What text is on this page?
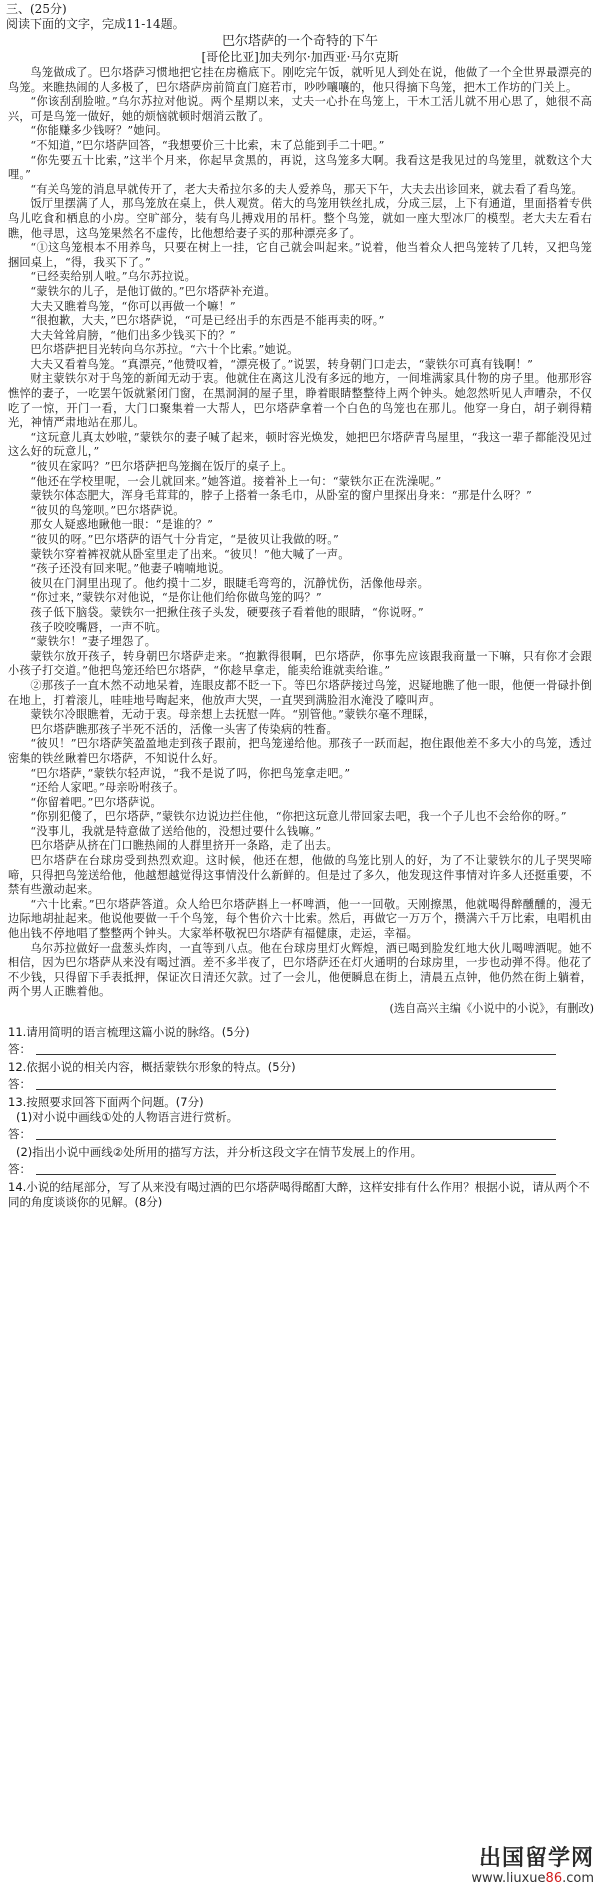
三、(25分)
阅读下面的文字，完成11-14题。
巴尔塔萨的一个奇特的下午
[哥伦比亚]加夫列尔·加西亚·马尔克斯

鸟笼做成了。巴尔塔萨习惯地把它挂在房檐底下。刚吃完午饭，就听见人到处在说，他做了一个全世界最漂亮的鸟笼。来瞧热闹的人多极了，巴尔塔萨房前简直门庭若市，吵吵嚷嚷的，他只得摘下鸟笼，把木工作坊的门关上。

“你该刮刮脸啦。”乌尔苏拉对他说。两个星期以来，丈夫一心扑在鸟笼上，干木工活儿就不用心思了，她很不高兴，可是鸟笼一做好，她的烦恼就顿时烟消云散了。

“你能赚多少钱呀？”她问。

“不知道，”巴尔塔萨回答，“我想要价三十比索，末了总能到手二十吧。”

“你先要五十比索，”这半个月来，你起早贪黑的，再说，这鸟笼多大啊。我看这是我见过的鸟笼里，就数这个大哩。”

“有关鸟笼的消息早就传开了，老大夫希拉尔多的夫人爱养鸟，那天下午，大夫去出诊回来，就去看了看鸟笼。

饭厅里摆满了人，那鸟笼放在桌上，供人观赏。偌大的鸟笼用铁丝扎成，分成三层，上下有通道，里面搭着专供鸟儿吃食和栖息的小房。空旷部分，装有鸟儿搏戏用的吊杆。整个鸟笼，就如一座大型冰厂的模型。老大夫左看右瞧，他寻思，这鸟笼果然名不虚传，比他想给妻子买的那种漂亮多了。

“①这鸟笼根本不用养鸟，只要在树上一挂，它自己就会叫起来。”说着，他当着众人把鸟笼转了几转，又把鸟笼捆回桌上，“得，我买下了。”

“已经卖给别人啦。”乌尔苏拉说。

“蒙铁尔的儿子，是他订做的。”巴尔塔萨补充道。

大夫又瞧着鸟笼，“你可以再做一个嘛！”

“很抱歉，大夫，”巴尔塔萨说，“可是已经出手的东西是不能再卖的呀。”

大夫耸耸肩膀，“他们出多少钱买下的？”

巴尔塔萨把目光转向乌尔苏拉。“六十个比索。”她说。

大夫又看着鸟笼。“真漂亮，”他赞叹着，“漂亮极了。”说罢，转身朝门口走去，“蒙铁尔可真有钱啊！”

财主蒙铁尔对于鸟笼的新闻无动于衷。他就住在离这儿没有多远的地方，一间堆满家具什物的房子里。他那形容憔悴的妻子，一吃罢午饭就紧闭门窗，在黑洞洞的屋子里，睁着眼睛整整待上两个钟头。她忽然听见人声嘈杂，不仅吃了一惊，开门一看，大门口聚集着一大帮人，巴尔塔萨拿着一个白色的鸟笼也在那儿。他穿一身白，胡子剃得精光，神情严肃地站在那儿。

“这玩意儿真太妙啦，”蒙铁尔的妻子喊了起来，顿时容光焕发，她把巴尔塔萨青鸟屋里，“我这一辈子都能没见过这么好的玩意儿，”

“彼贝在家吗？”巴尔塔萨把鸟笼搁在饭厅的桌子上。

“他还在学校里呢，一会儿就回来。”她答道。接着补上一句：“蒙铁尔正在洗澡呢。”

蒙铁尔体态肥大，浑身毛茸茸的，脖子上搭着一条毛巾，从卧室的窗户里探出身来：“那是什么呀？”

“彼贝的鸟笼呗。”巴尔塔萨说。

那女人疑惑地瞅他一眼：“是谁的？”

“彼贝的呀。”巴尔塔萨的语气十分肯定，“是彼贝让我做的呀。”

蒙铁尔穿着裤衩就从卧室里走了出来。“彼贝！”他大喊了一声。

“孩子还没有回来呢。”他妻子喃喃地说。

彼贝在门洞里出现了。他约摸十二岁，眼睫毛弯弯的，沉静忧伤，活像他母亲。

“你过来，”蒙铁尔对他说，“是你让他们给你做鸟笼的吗？”

孩子低下脑袋。蒙铁尔一把揪住孩子头发，硬要孩子看着他的眼睛，“你说呀。”

孩子咬咬嘴唇，一声不吭。

“蒙铁尔！”妻子埋怨了。

蒙铁尔放开孩子，转身朝巴尔塔萨走来。“抱歉得很啊，巴尔塔萨，你事先应该跟我商量一下嘛，只有你才会跟小孩子打交道。”他把鸟笼还给巴尔塔萨，“你趁早拿走，能卖给谁就卖给谁。”

②那孩子一直木然不动地呆着，连眼皮都不眨一下。等巴尔塔萨接过鸟笼，迟疑地瞧了他一眼，他便一骨碌扑倒在地上，打着滚儿，哇哇地号啕起来，他放声大哭，一直哭到满脸泪水淹没了嚎叫声。

蒙铁尔冷眼瞧着，无动于衷。母亲想上去抚慰一阵。“别管他。”蒙铁尔毫不理睬，

巴尔塔萨瞧那孩子半死不活的，活像一头害了传染病的牲畜。

“彼贝！”巴尔塔萨笑盈盈地走到孩子跟前，把鸟笼递给他。那孩子一跃而起，抱住跟他差不多大小的鸟笼，透过密集的铁丝瞅着巴尔塔萨，不知说什么好。

“巴尔塔萨，”蒙铁尔轻声说，“我不是说了吗，你把鸟笼拿走吧。”

“还给人家吧。”母亲吩咐孩子。

“你留着吧。”巴尔塔萨说。

“你别犯傻了，巴尔塔萨，”蒙铁尔边说边拦住他，“你把这玩意儿带回家去吧，我一个子儿也不会给你的呀。”

“没事儿，我就是特意做了送给他的，没想过要什么钱嘛。”

巴尔塔萨从挤在门口瞧热闹的人群里挤开一条路，走了出去。

巴尔塔萨在台球房受到热烈欢迎。这时候，他还在想，他做的鸟笼比别人的好，为了不让蒙铁尔的儿子哭哭啼啼，只得把鸟笼送给他，他越想越觉得这事情没什么新鲜的。但是过了多久，他发现这件事情对许多人还挺重要，不禁有些激动起来。

“六十比索。”巴尔塔萨答道。众人给巴尔塔萨斟上一杯啤酒，他一一回敬。天刚擦黑，他就喝得醉醺醺的，漫无边际地胡扯起来。他说他要做一千个鸟笼，每个售价六十比索。然后，再做它一万万个，攒满六千万比索，电唱机由他出钱不停地唱了整整两个钟头。大家举杯敬祝巴尔塔萨有福健康，走运，幸福。

乌尔苏拉做好一盘葱头炸肉，一直等到八点。他在台球房里灯火辉煌，酒已喝到脸发红地大伙儿喝啤酒呢。她不相信，因为巴尔塔萨从来没有喝过酒。差不多半夜了，巴尔塔萨还在灯火通明的台球房里，一步也动弹不得。他花了不少钱，只得留下手表抵押，保证次日清还欠款。过了一会儿，他便瞬息在街上，清晨五点钟，他仍然在街上躺着，两个男人正瞧着他。

(选自高兴主编《小说中的小说》，有删改)
11.请用简明的语言梳理这篇小说的脉络。(5分)
答：
12.依据小说的相关内容，概括蒙铁尔形象的特点。(5分)
答：
13.按照要求回答下面两个问题。(7分)
(1)对小说中画线①处的人物语言进行赏析。
答：
(2)指出小说中画线②处所用的描写方法，并分析这段文字在情节发展上的作用。
答：
14.小说的结尾部分，写了从来没有喝过酒的巴尔塔萨喝得酩酊大醉，这样安排有什么作用？根据小说，请从两个不同的角度谈谈你的见解。(8分)
出国留学网
www.liuxue86.com
